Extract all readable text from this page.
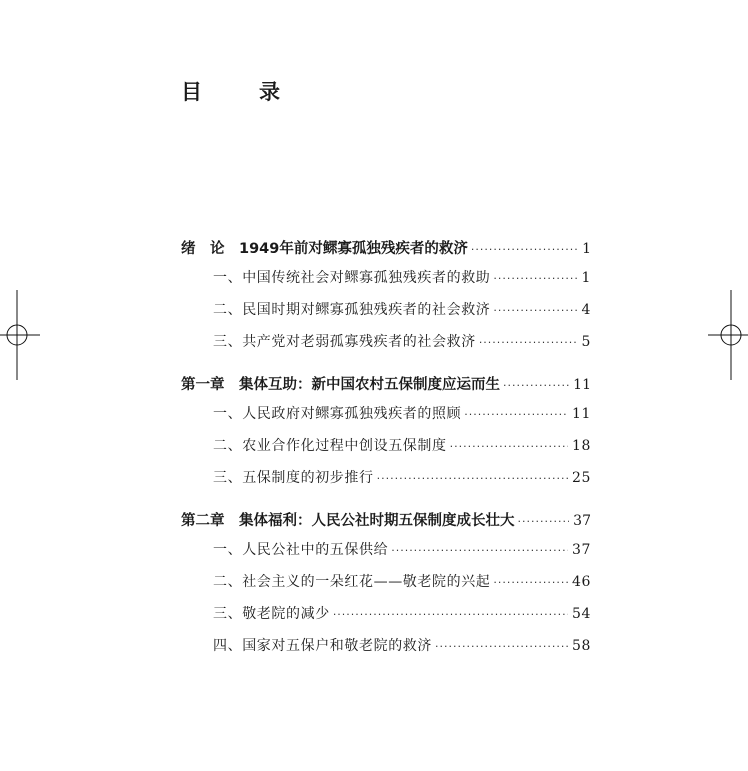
目　录
绪　论　1949年前对鳏寡孤独残疾者的救济 ·····	1
一、中国传统社会对鳏寡孤独残疾者的救助 ·····	1
二、民国时期对鳏寡孤独残疾者的社会救济 ·····	4
三、共产党对老弱孤寡残疾者的社会救济 ·····	5
第一章　集体互助：新中国农村五保制度应运而生 ·····	11
一、人民政府对鳏寡孤独残疾者的照顾 ·····	11
二、农业合作化过程中创设五保制度 ·····	18
三、五保制度的初步推行 ·····	25
第二章　集体福利：人民公社时期五保制度成长壮大 ·····	37
一、人民公社中的五保供给 ·····	37
二、社会主义的一朵红花——敬老院的兴起 ·····	46
三、敬老院的减少 ·····	54
四、国家对五保户和敬老院的救济 ·····	58
